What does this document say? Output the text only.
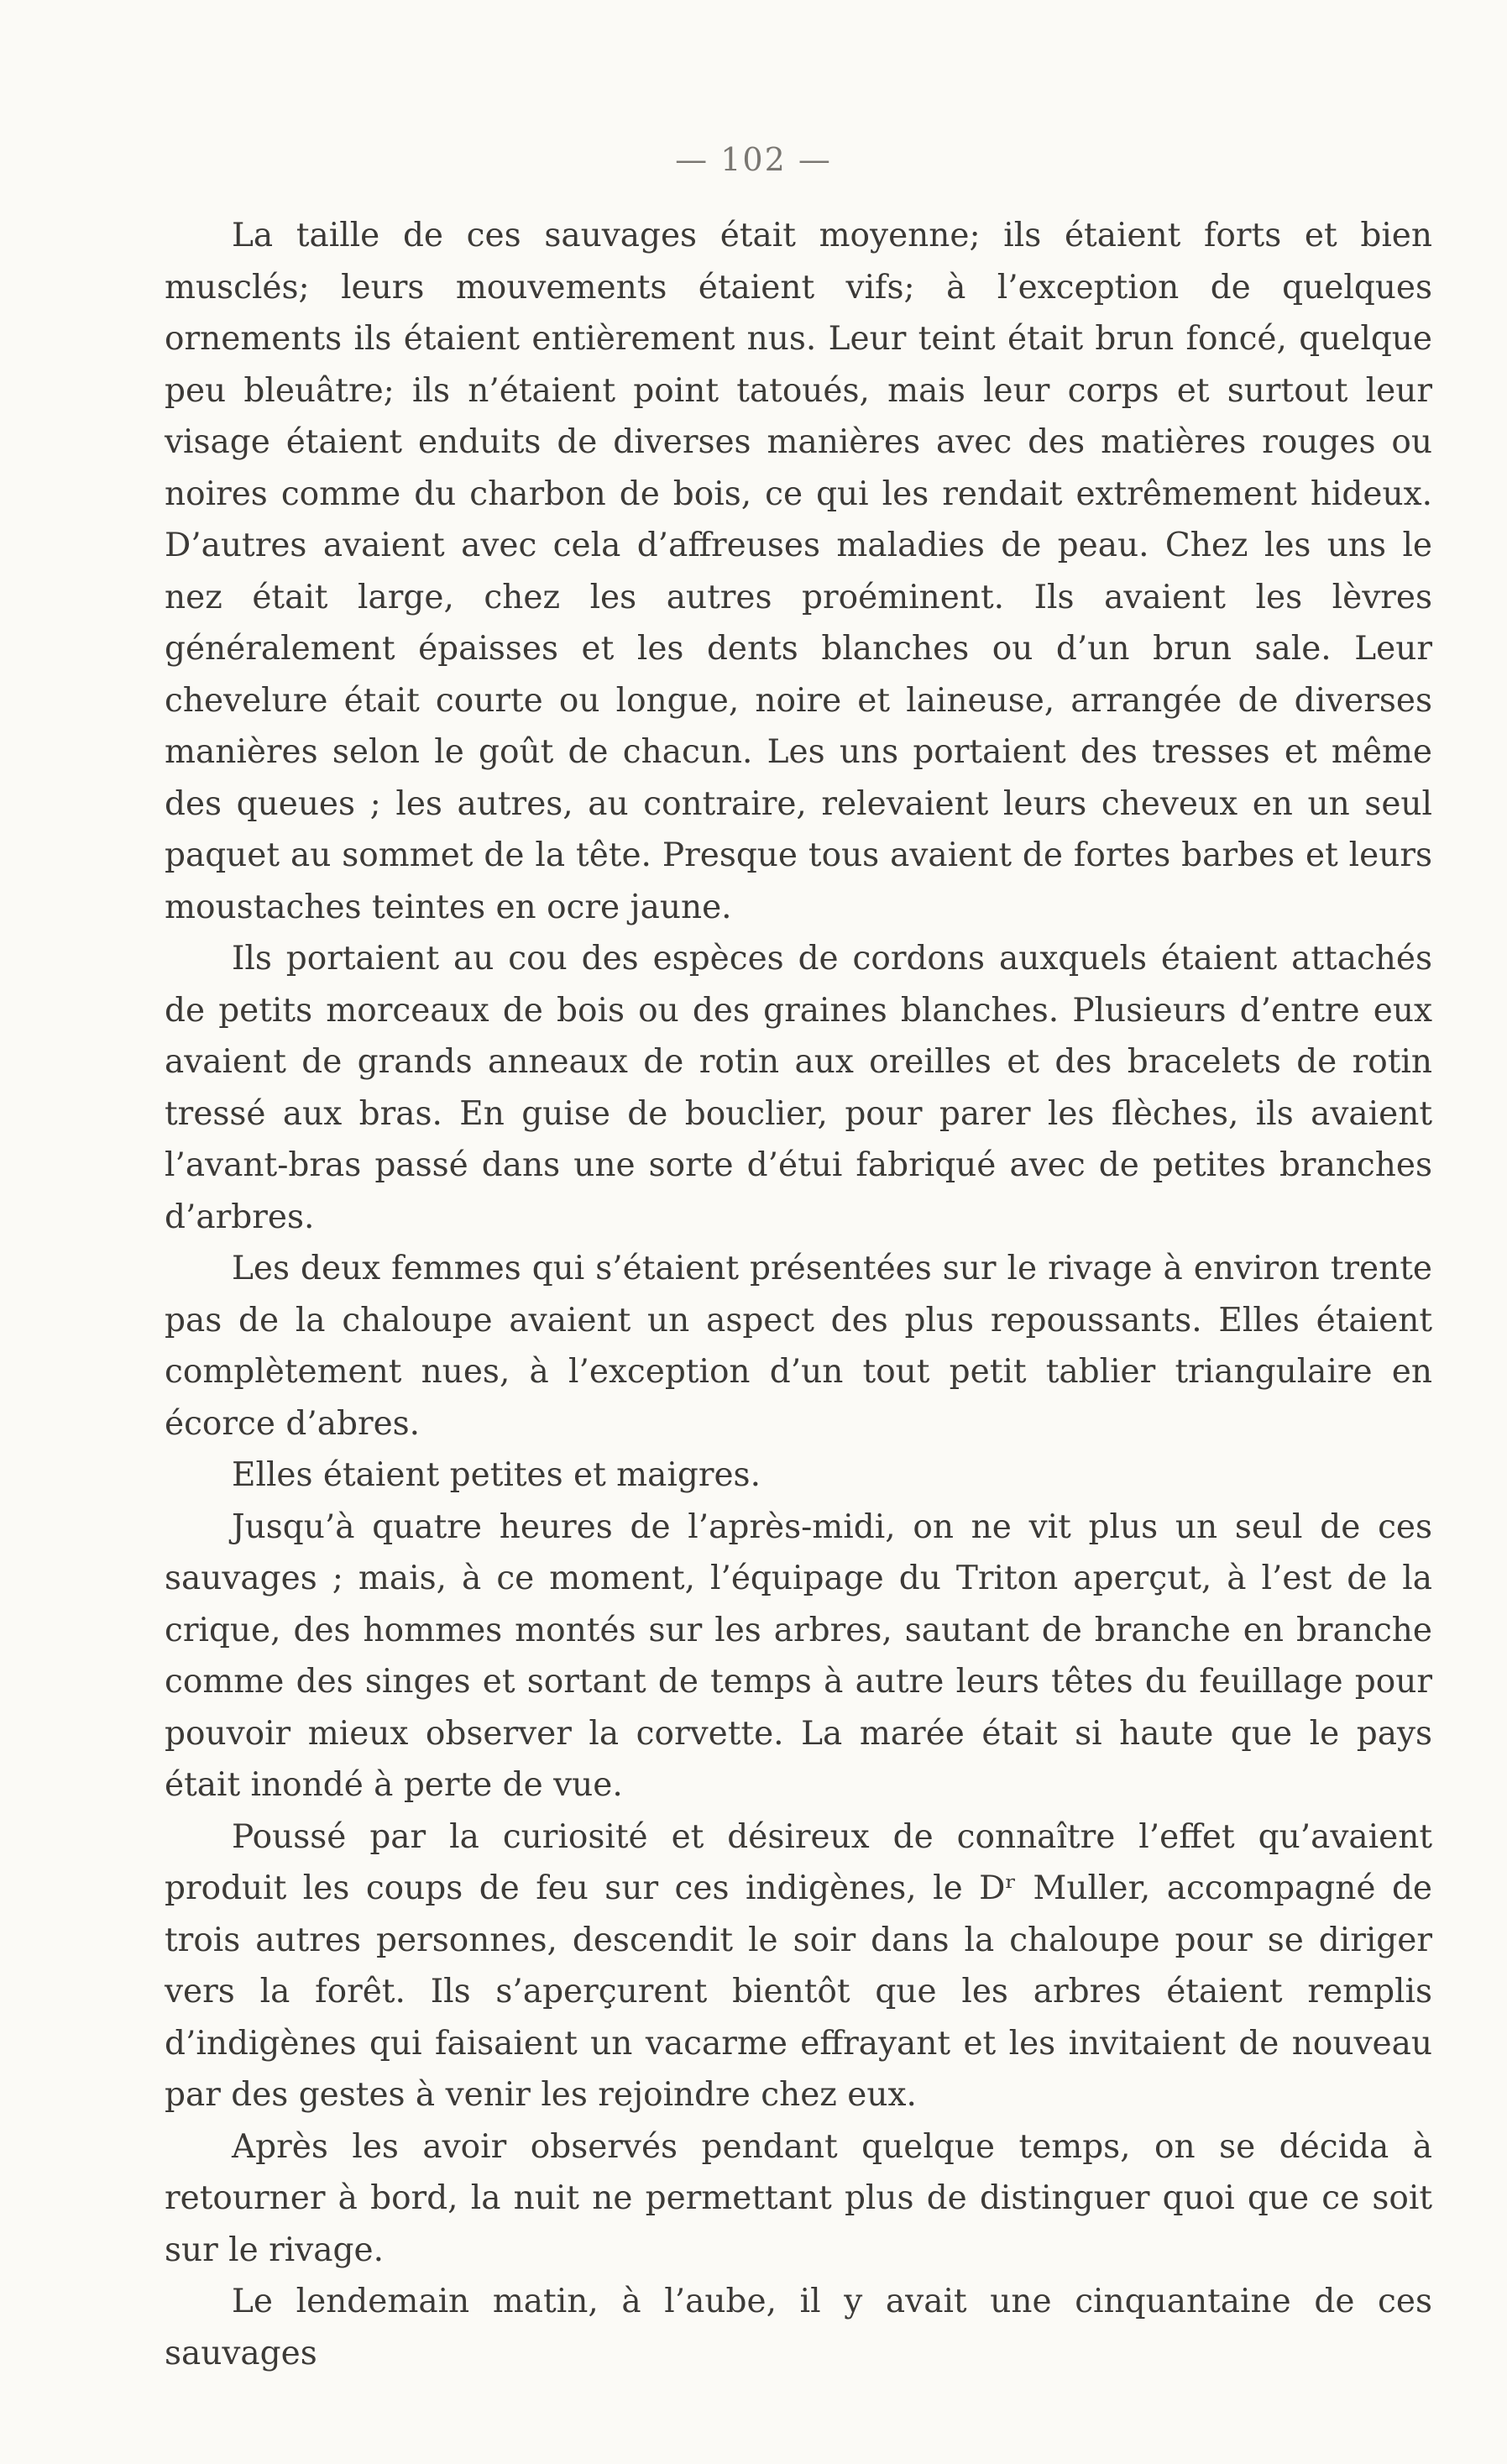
— 102 —

La taille de ces sauvages était moyenne; ils étaient forts et bien musclés; leurs mouvements étaient vifs; à l’exception de quelques ornements ils étaient entièrement nus. Leur teint était brun foncé, quelque peu bleuâtre; ils n’étaient point tatoués, mais leur corps et surtout leur visage étaient enduits de diverses manières avec des matières rouges ou noires comme du charbon de bois, ce qui les rendait extrêmement hideux. D’autres avaient avec cela d’affreuses maladies de peau. Chez les uns le nez était large, chez les autres proéminent. Ils avaient les lèvres généralement épaisses et les dents blanches ou d’un brun sale. Leur chevelure était courte ou longue, noire et laineuse, arrangée de diverses manières selon le goût de chacun. Les uns portaient des tresses et même des queues ; les autres, au contraire, relevaient leurs cheveux en un seul paquet au sommet de la tête. Presque tous avaient de fortes barbes et leurs moustaches teintes en ocre jaune.

Ils portaient au cou des espèces de cordons auxquels étaient attachés de petits morceaux de bois ou des graines blanches. Plusieurs d’entre eux avaient de grands anneaux de rotin aux oreilles et des bracelets de rotin tressé aux bras. En guise de bouclier, pour parer les flèches, ils avaient l’avant-bras passé dans une sorte d’étui fabriqué avec de petites branches d’arbres.

Les deux femmes qui s’étaient présentées sur le rivage à environ trente pas de la chaloupe avaient un aspect des plus repoussants. Elles étaient complètement nues, à l’exception d’un tout petit tablier triangulaire en écorce d’abres.

Elles étaient petites et maigres.

Jusqu’à quatre heures de l’après-midi, on ne vit plus un seul de ces sauvages ; mais, à ce moment, l’équipage du Triton aperçut, à l’est de la crique, des hommes montés sur les arbres, sautant de branche en branche comme des singes et sortant de temps à autre leurs têtes du feuillage pour pouvoir mieux observer la corvette. La marée était si haute que le pays était inondé à perte de vue.

Poussé par la curiosité et désireux de connaître l’effet qu’avaient produit les coups de feu sur ces indigènes, le Dʳ Muller, accompagné de trois autres personnes, descendit le soir dans la chaloupe pour se diriger vers la forêt. Ils s’aperçurent bientôt que les arbres étaient remplis d’indigènes qui faisaient un vacarme effrayant et les invitaient de nouveau par des gestes à venir les rejoindre chez eux.

Après les avoir observés pendant quelque temps, on se décida à retourner à bord, la nuit ne permettant plus de distinguer quoi que ce soit sur le rivage.

Le lendemain matin, à l’aube, il y avait une cinquantaine de ces sauvages
